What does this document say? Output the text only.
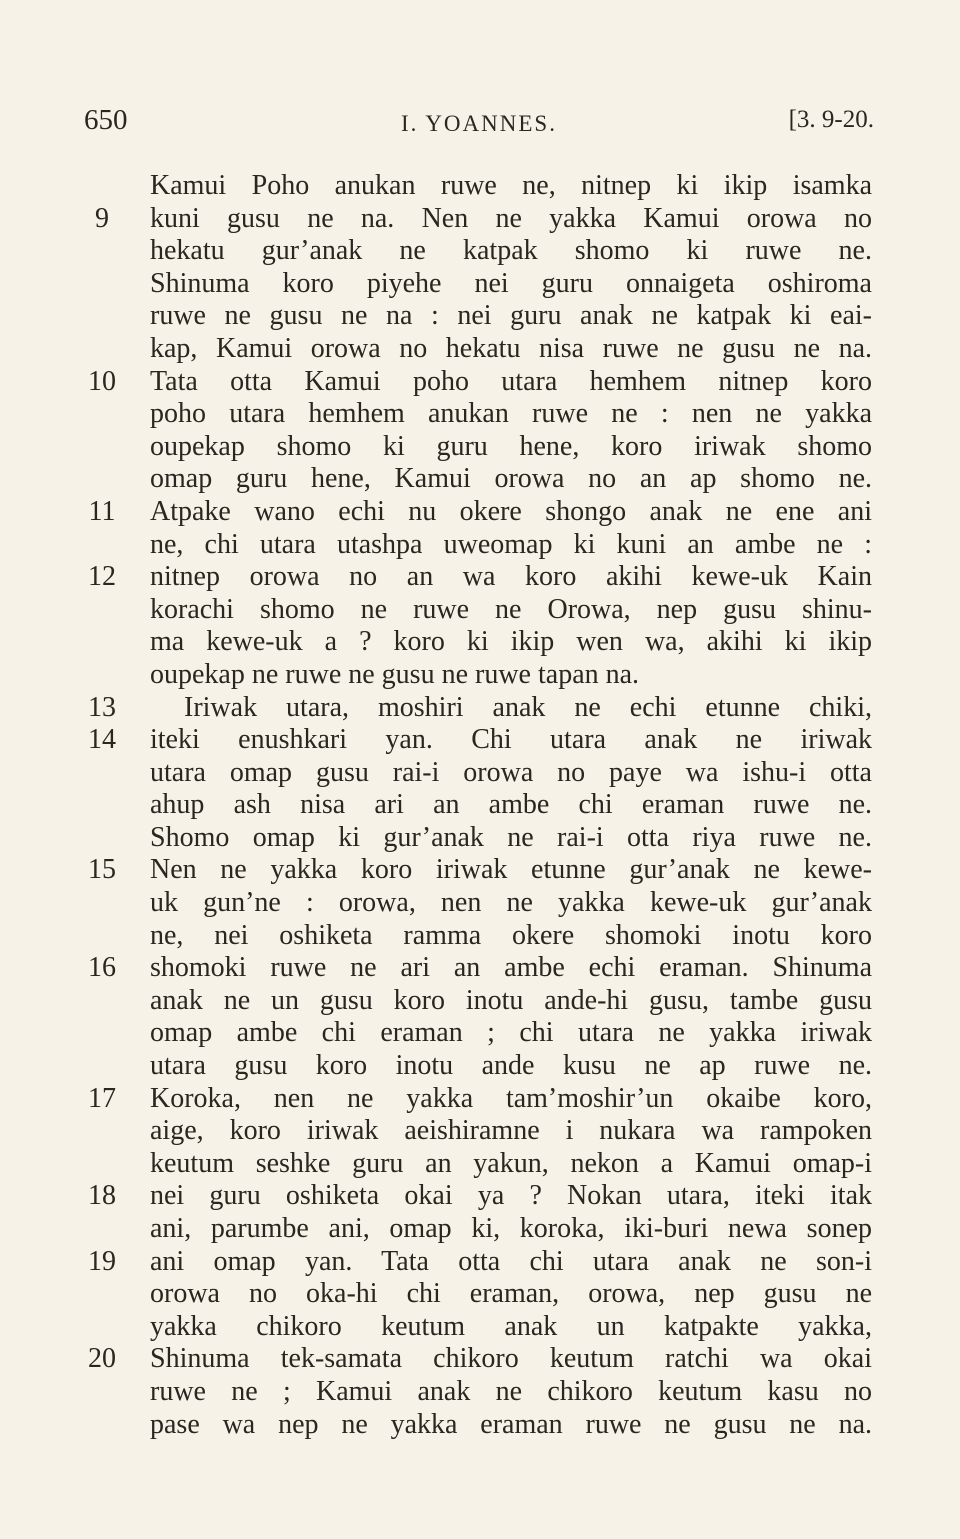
650	I. YOANNES.	[3. 9-20.
Kamui Poho anukan ruwe ne, nitnep ki ikip isamka
9	kuni gusu ne na. Nen ne yakka Kamui orowa no
hekatu gur’anak ne katpak shomo ki ruwe ne.
Shinuma koro piyehe nei guru onnaigeta oshiroma
ruwe ne gusu ne na : nei guru anak ne katpak ki eai-
kap, Kamui orowa no hekatu nisa ruwe ne gusu ne na.
10 Tata otta Kamui poho utara hemhem nitnep koro
poho utara hemhem anukan ruwe ne : nen ne yakka
oupekap shomo ki guru hene, koro iriwak shomo
omap guru hene, Kamui orowa no an ap shomo ne.
11 Atpake wano echi nu okere shongo anak ne ene ani
ne, chi utara utashpa uweomap ki kuni an ambe ne :
12 nitnep orowa no an wa koro akihi kewe-uk Kain
korachi shomo ne ruwe ne Orowa, nep gusu shinu-
ma kewe-uk a ? koro ki ikip wen wa, akihi ki ikip
oupekap ne ruwe ne gusu ne ruwe tapan na.
13 Iriwak utara, moshiri anak ne echi etunne chiki,
14 iteki enushkari yan. Chi utara anak ne iriwak
utara omap gusu rai-i orowa no paye wa ishu-i otta
ahup ash nisa ari an ambe chi eraman ruwe ne.
Shomo omap ki gur’anak ne rai-i otta riya ruwe ne.
15 Nen ne yakka koro iriwak etunne gur’anak ne kewe-
uk gun’ne : orowa, nen ne yakka kewe-uk gur’anak
ne, nei oshiketa ramma okere shomoki inotu koro
16 shomoki ruwe ne ari an ambe echi eraman. Shinuma
anak ne un gusu koro inotu ande-hi gusu, tambe gusu
omap ambe chi eraman ; chi utara ne yakka iriwak
utara gusu koro inotu ande kusu ne ap ruwe ne.
17 Koroka, nen ne yakka tam’moshir’un okaibe koro,
aige, koro iriwak aeishiramne i nukara wa rampoken
keutum seshke guru an yakun, nekon a Kamui omap-i
18 nei guru oshiketa okai ya ? Nokan utara, iteki itak
ani, parumbe ani, omap ki, koroka, iki-buri newa sonep
19 ani omap yan. Tata otta chi utara anak ne son-i
orowa no oka-hi chi eraman, orowa, nep gusu ne
yakka chikoro keutum anak un katpakte yakka,
20 Shinuma tek-samata chikoro keutum ratchi wa okai
ruwe ne ; Kamui anak ne chikoro keutum kasu no
pase wa nep ne yakka eraman ruwe ne gusu ne na.
